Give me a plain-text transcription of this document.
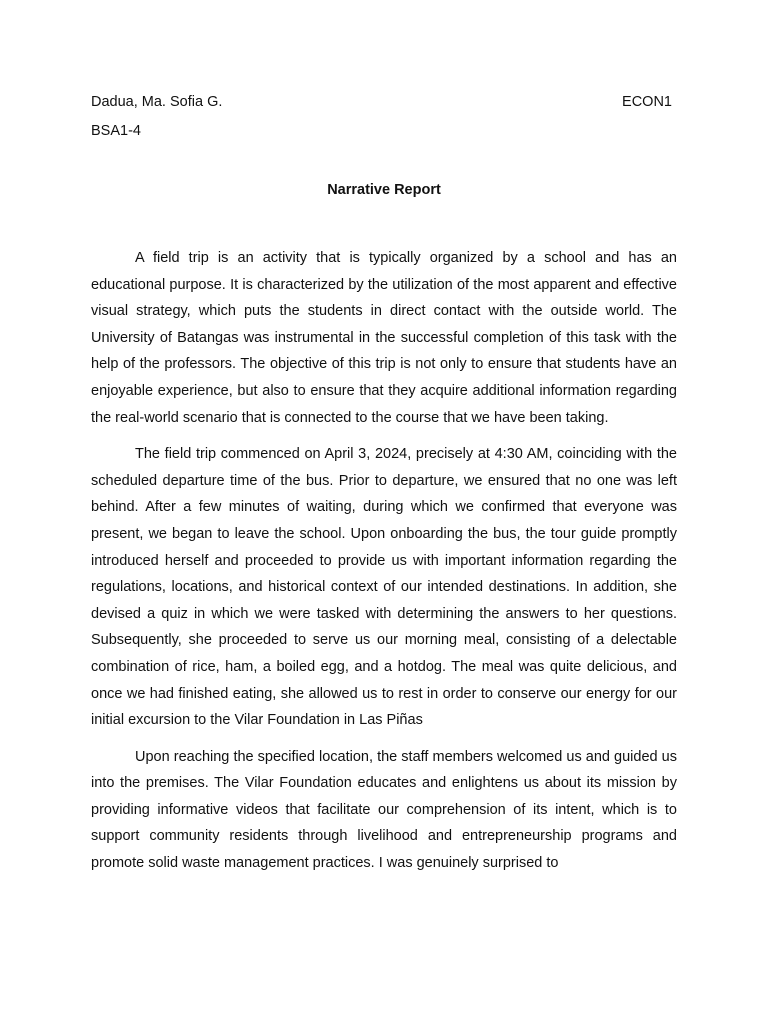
Dadua, Ma. Sofia G.	ECON1
BSA1-4
Narrative Report

A field trip is an activity that is typically organized by a school and has an educational purpose. It is characterized by the utilization of the most apparent and effective visual strategy, which puts the students in direct contact with the outside world. The University of Batangas was instrumental in the successful completion of this task with the help of the professors. The objective of this trip is not only to ensure that students have an enjoyable experience, but also to ensure that they acquire additional information regarding the real-world scenario that is connected to the course that we have been taking.

The field trip commenced on April 3, 2024, precisely at 4:30 AM, coinciding with the scheduled departure time of the bus. Prior to departure, we ensured that no one was left behind. After a few minutes of waiting, during which we confirmed that everyone was present, we began to leave the school. Upon onboarding the bus, the tour guide promptly introduced herself and proceeded to provide us with important information regarding the regulations, locations, and historical context of our intended destinations. In addition, she devised a quiz in which we were tasked with determining the answers to her questions. Subsequently, she proceeded to serve us our morning meal, consisting of a delectable combination of rice, ham, a boiled egg, and a hotdog. The meal was quite delicious, and once we had finished eating, she allowed us to rest in order to conserve our energy for our initial excursion to the Vilar Foundation in Las Piñas

Upon reaching the specified location, the staff members welcomed us and guided us into the premises. The Vilar Foundation educates and enlightens us about its mission by providing informative videos that facilitate our comprehension of its intent, which is to support community residents through livelihood and entrepreneurship programs and promote solid waste management practices. I was genuinely surprised to
